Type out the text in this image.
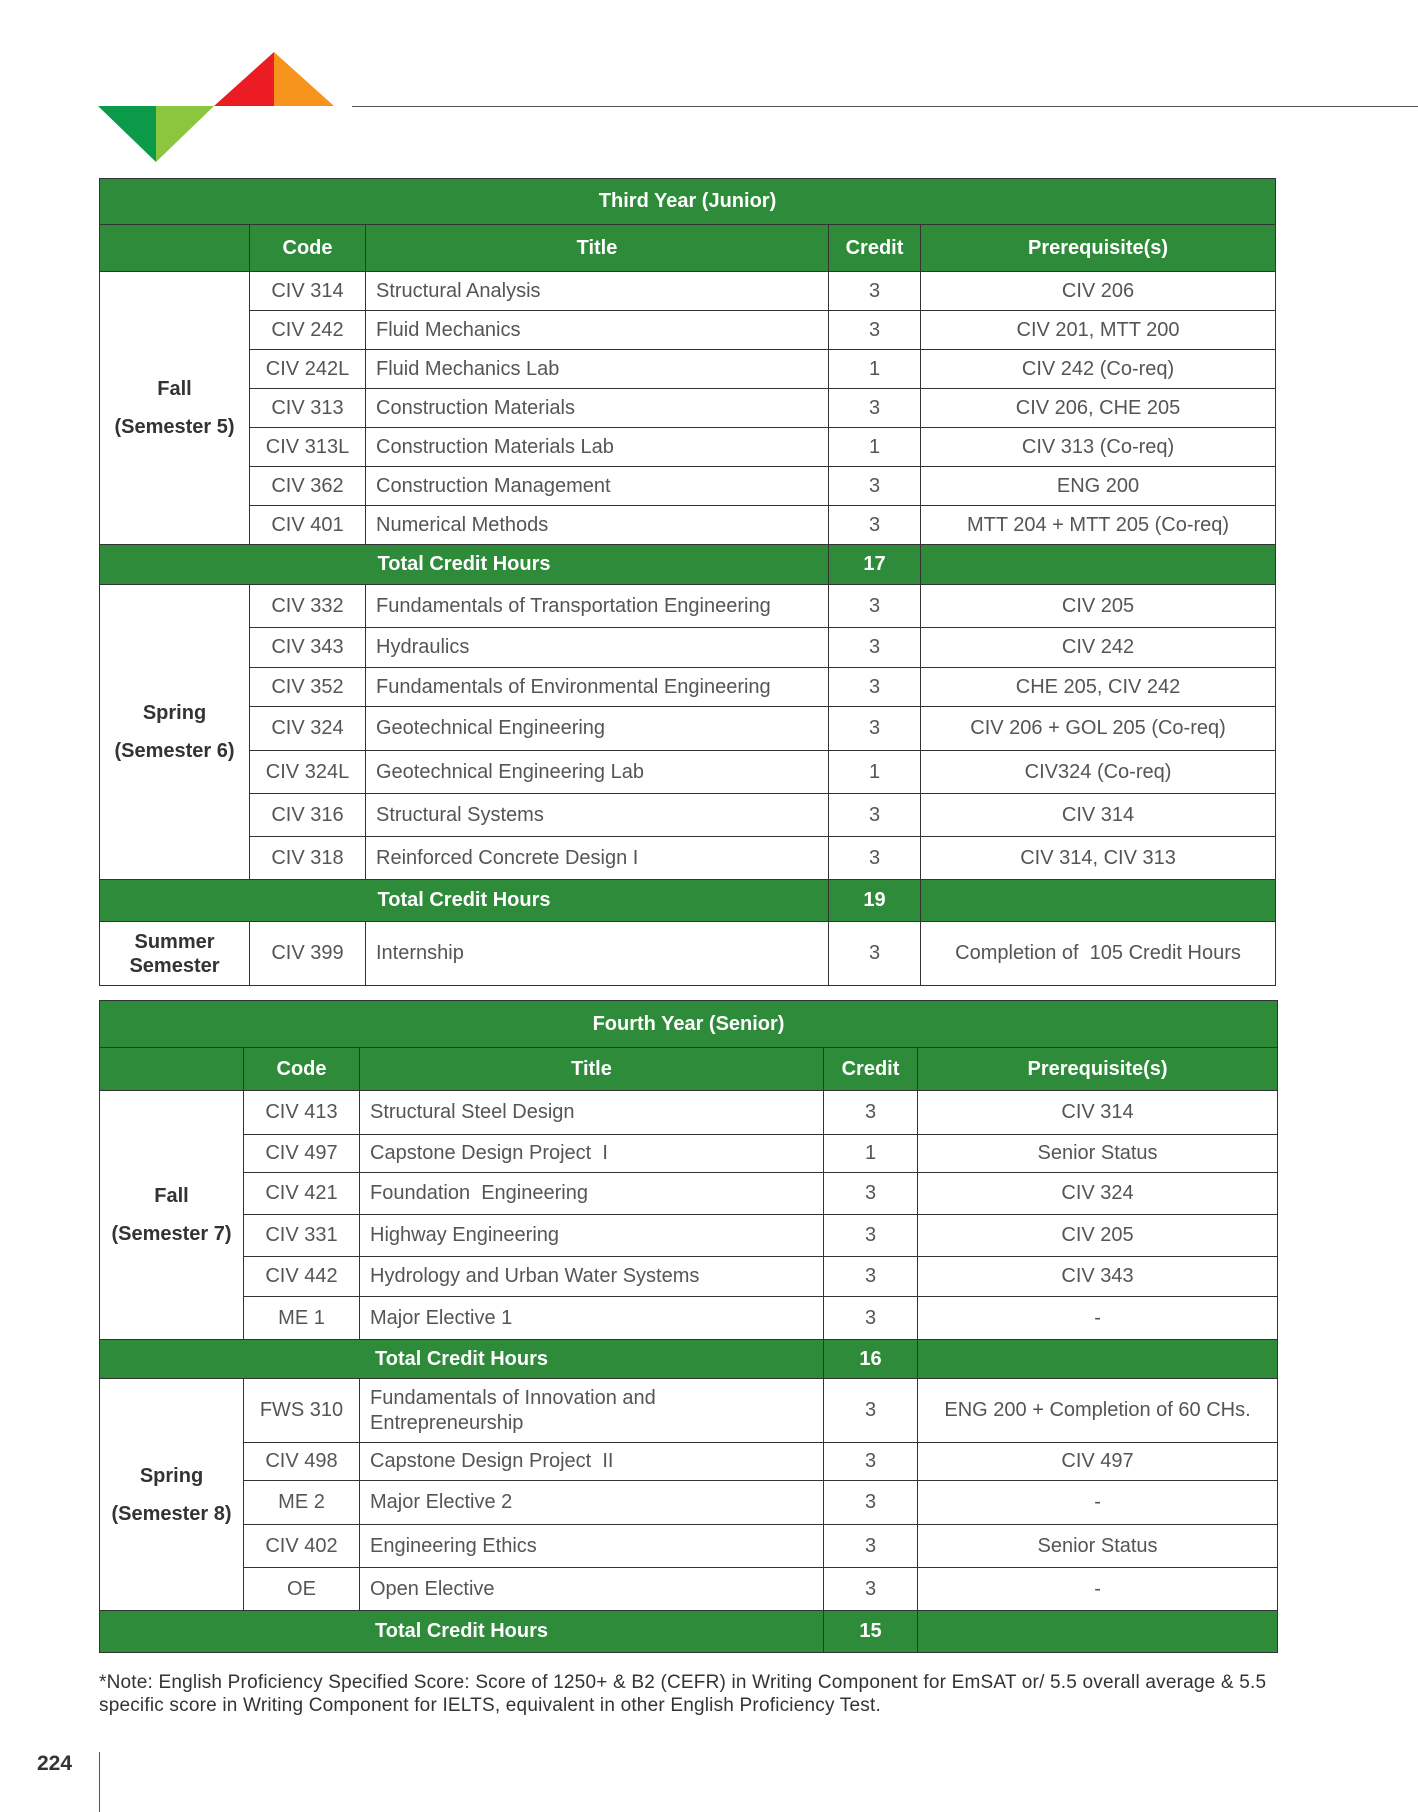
Third Year (Junior)				
	Code	Title	Credit	Prerequisite(s)

Fall
(Semester 5)	CIV 314	Structural Analysis	3	CIV 206
	CIV 242	Fluid Mechanics	3	CIV 201, MTT 200
	CIV 242L	Fluid Mechanics Lab	1	CIV 242 (Co-req)
	CIV 313	Construction Materials	3	CIV 206, CHE 205
	CIV 313L	Construction Materials Lab	1	CIV 313 (Co-req)
	CIV 362	Construction Management	3	ENG 200
	CIV 401	Numerical Methods	3	MTT 204 + MTT 205 (Co-req)
Total Credit Hours			17	

Spring
(Semester 6)	CIV 332	Fundamentals of Transportation Engineering	3	CIV 205
	CIV 343	Hydraulics	3	CIV 242
	CIV 352	Fundamentals of Environmental Engineering	3	CHE 205, CIV 242
	CIV 324	Geotechnical Engineering	3	CIV 206 + GOL 205 (Co-req)
	CIV 324L	Geotechnical Engineering Lab	1	CIV324 (Co-req)
	CIV 316	Structural Systems	3	CIV 314
	CIV 318	Reinforced Concrete Design I	3	CIV 314, CIV 313
Total Credit Hours			19	

Summer
Semester	CIV 399	Internship	3	Completion of  105 Credit Hours
Fourth Year (Senior)				
	Code	Title	Credit	Prerequisite(s)

Fall
(Semester 7)	CIV 413	Structural Steel Design	3	CIV 314
	CIV 497	Capstone Design Project  I	1	Senior Status
	CIV 421	Foundation  Engineering	3	CIV 324
	CIV 331	Highway Engineering	3	CIV 205
	CIV 442	Hydrology and Urban Water Systems	3	CIV 343
	ME 1	Major Elective 1	3	-
Total Credit Hours			16	

Spring
(Semester 8)	FWS 310	Fundamentals of Innovation and Entrepreneurship	3	ENG 200 + Completion of 60 CHs.
	CIV 498	Capstone Design Project  II	3	CIV 497
	ME 2	Major Elective 2	3	-
	CIV 402	Engineering Ethics	3	Senior Status
	OE	Open Elective	3	-
Total Credit Hours			15	
*Note: English Proficiency Specified Score: Score of 1250+ & B2 (CEFR) in Writing Component for EmSAT or/ 5.5 overall average & 5.5 specific score in Writing Component for IELTS, equivalent in other English Proficiency Test.
224
